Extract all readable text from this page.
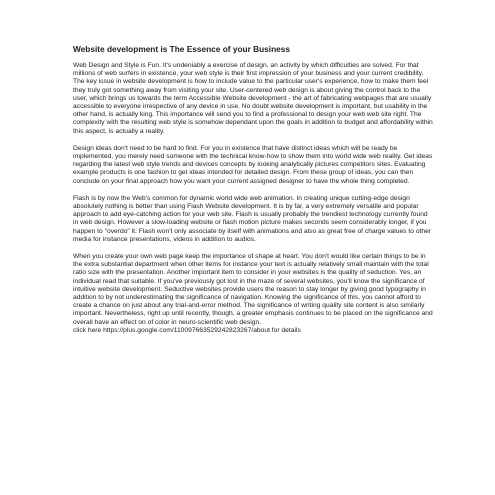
Website development is The Essence of your Business

Web Design and Style is Fun. It's undeniably a exercise of design, an activity by which difficulties are solved. For that millions of web surfers in existence, your web style is their first impression of your business and your current credibility. The key issue in website development is how to include value to the particular user's experience, how to make them feel they truly got something away from visiting your site. User-centered web design is about giving the control back to the user, which brings us towards the term Accessible Website development - the art of fabricating webpages that are usually accessible to everyone irrespective of any device in use. No doubt website development is important, but usability in the other hand, is actually king. This importance will send you to find a professional to design your web web site right. The complexity with the resulting web style is somehow dependant upon the goals in addition to budget and affordability within this aspect, is actually a reality.

Design ideas don't need to be hard to find. For you in existence that have distinct ideas which will be ready be implemented, you merely need someone with the technical know-how to show them into world wide web reality. Get ideas regarding the latest web style trends and devices concepts by looking analytically pictures competitors sites. Evaluating example products is one fashion to get ideas intended for detailed design. From these group of ideas, you can then conclude on your final approach how you want your current assigned designer to have the whole thing completed.

Flash is by now the Web's common for dynamic world wide web animation. In creating unique cutting-edge design absolutely nothing is better than using Flash Website development. It is by far, a very extremely versatile and popular approach to add eye-catching action for your web site. Flash is usually probably the trendiest technology currently found in web design. However a slow-loading website or flash motion picture makes seconds seem considerably longer, if you happen to "overdo" it. Flash won't only associate by itself with animations and also as great free of charge values to other media for instance presentations, videos in addition to audios.

When you create your own web page keep the importance of shape at heart. You don't would like certain things to be in the extra substantial department when other items for instance your text is actually relatively small maintain with the total ratio size with the presentation. Another important item to consider in your websites is the quality of seduction. Yes, an individual read that suitable. If you've previously got lost in the maze of several websites, you'll know the significance of intuitive website development. Seductive websites provide users the reason to stay longer by giving good typography in addition to by not underestimating the significance of navigation. Knowing the significance of this, you cannot afford to create a chance on just about any trial-and-error method. The significance of writing quality site content is also similarly important. Nevertheless, right up until recently, though, a greater emphasis continues to be placed on the significance and overall have an effect on of color in neuro-scientific web design.
click here https://plus.google.com/110097663529242823267/about for details
